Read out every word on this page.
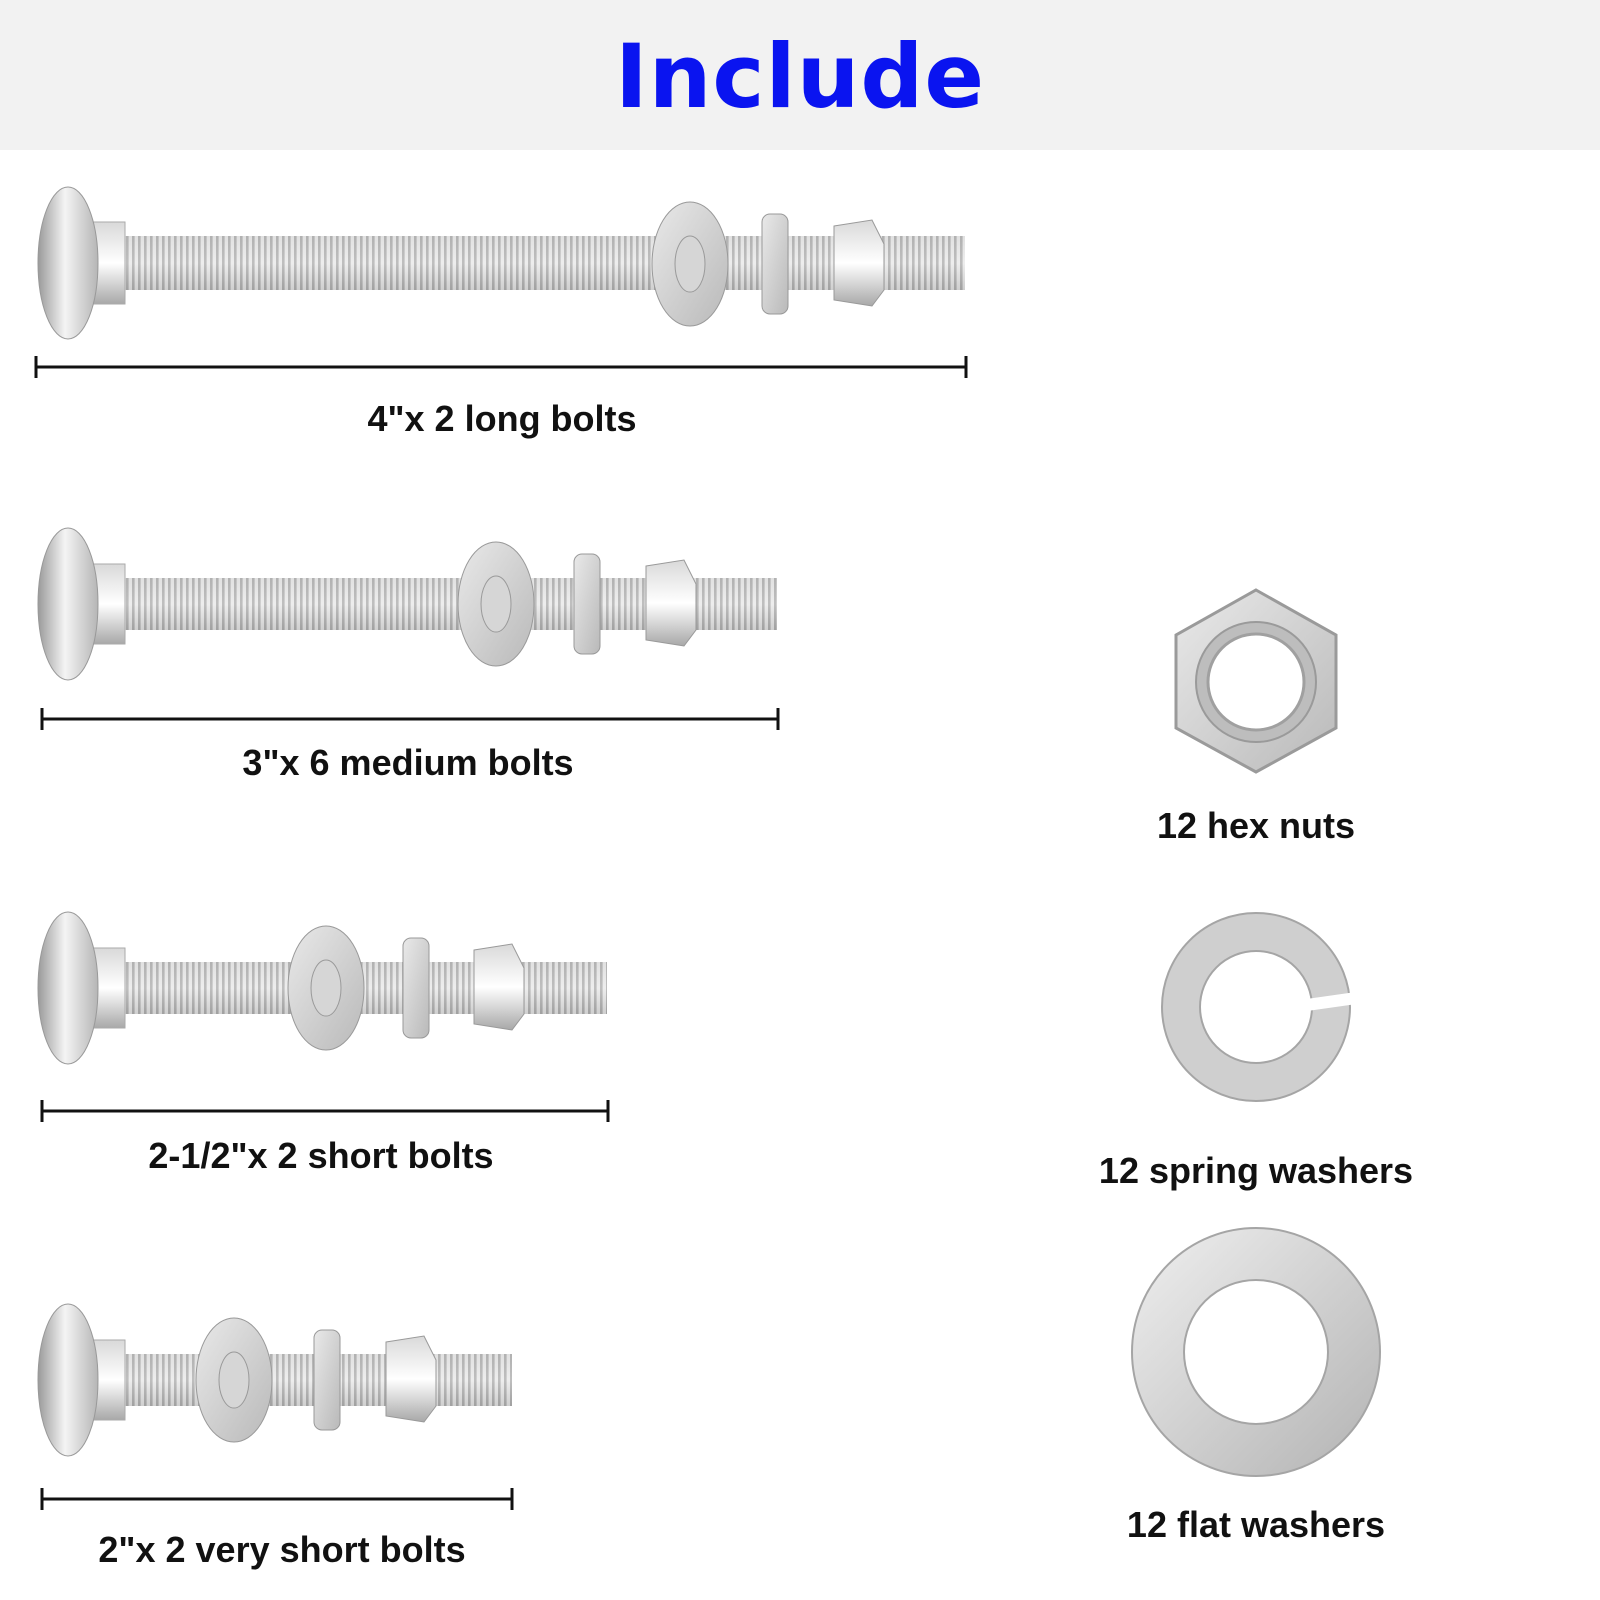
Include
4"x 2 long bolts
3"x 6 medium bolts
2-1/2"x 2 short bolts
2"x 2 very short bolts
12 hex nuts
12 spring washers
12 flat washers
